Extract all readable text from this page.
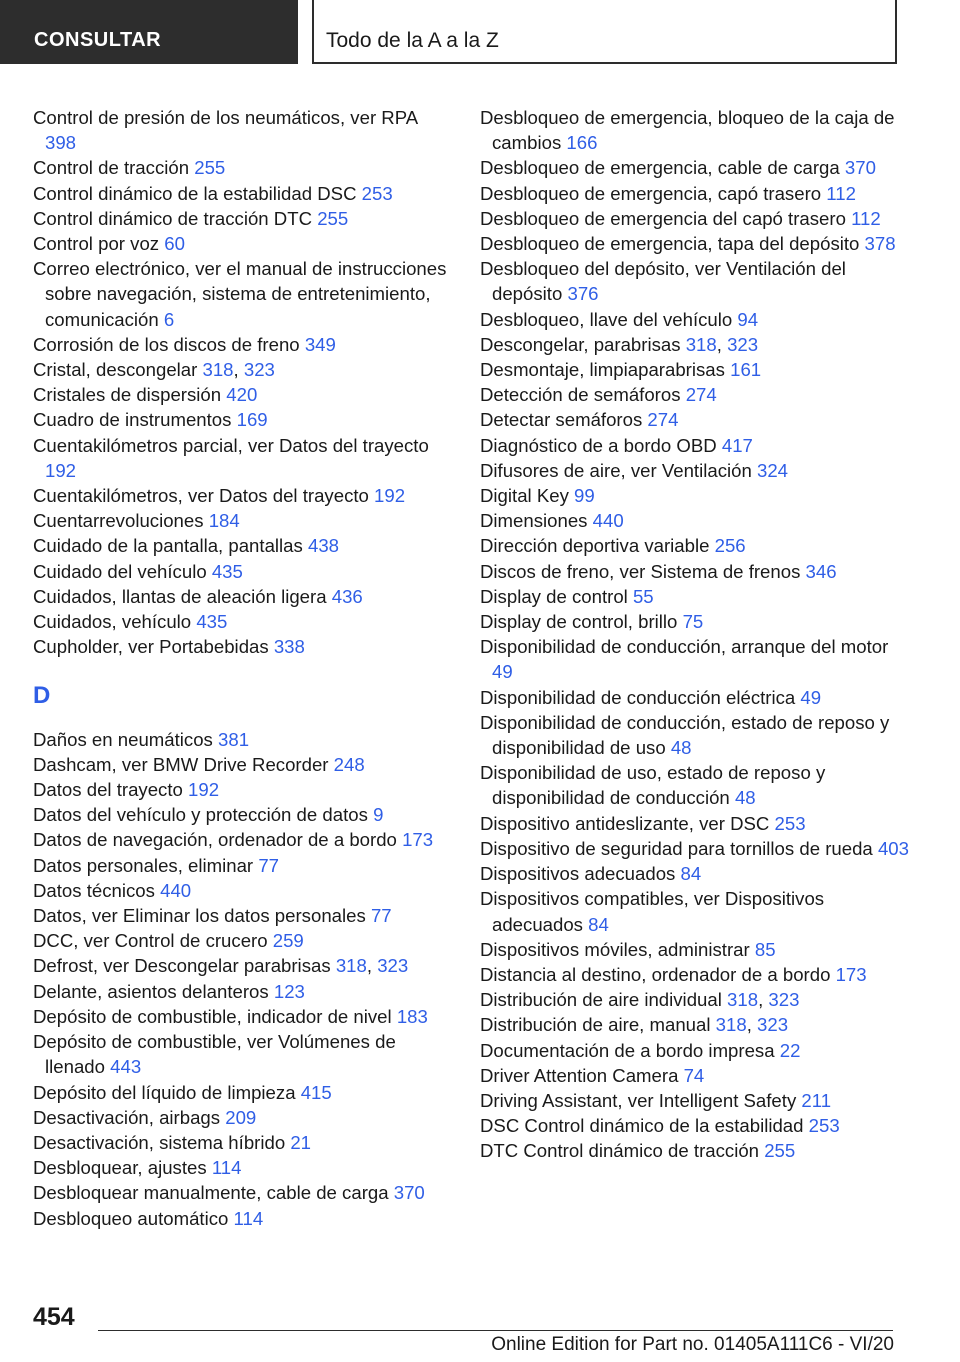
CONSULTAR	Todo de la A a la Z

Control de presión de los neumáticos, ver RPA 398

Control de tracción 255

Control dinámico de la estabilidad DSC 253

Control dinámico de tracción DTC 255

Control por voz 60

Correo electrónico, ver el manual de instrucciones sobre navegación, sistema de entretenimiento, comunicación 6

Corrosión de los discos de freno 349

Cristal, descongelar 318, 323

Cristales de dispersión 420

Cuadro de instrumentos 169

Cuentakilómetros parcial, ver Datos del trayecto 192

Cuentakilómetros, ver Datos del trayecto 192

Cuentarrevoluciones 184

Cuidado de la pantalla, pantallas 438

Cuidado del vehículo 435

Cuidados, llantas de aleación ligera 436

Cuidados, vehículo 435

Cupholder, ver Portabebidas 338

D

Daños en neumáticos 381

Dashcam, ver BMW Drive Recorder 248

Datos del trayecto 192

Datos del vehículo y protección de datos 9

Datos de navegación, ordenador de a bordo 173

Datos personales, eliminar 77

Datos técnicos 440

Datos, ver Eliminar los datos personales 77

DCC, ver Control de crucero 259

Defrost, ver Descongelar parabrisas 318, 323

Delante, asientos delanteros 123

Depósito de combustible, indicador de nivel 183

Depósito de combustible, ver Volúmenes de llenado 443

Depósito del líquido de limpieza 415

Desactivación, airbags 209

Desactivación, sistema híbrido 21

Desbloquear, ajustes 114

Desbloquear manualmente, cable de carga 370

Desbloqueo automático 114

Desbloqueo de emergencia, bloqueo de la caja de cambios 166

Desbloqueo de emergencia, cable de carga 370

Desbloqueo de emergencia, capó trasero 112

Desbloqueo de emergencia del capó trasero 112

Desbloqueo de emergencia, tapa del depósito 378

Desbloqueo del depósito, ver Ventilación del depósito 376

Desbloqueo, llave del vehículo 94

Descongelar, parabrisas 318, 323

Desmontaje, limpiaparabrisas 161

Detección de semáforos 274

Detectar semáforos 274

Diagnóstico de a bordo OBD 417

Difusores de aire, ver Ventilación 324

Digital Key 99

Dimensiones 440

Dirección deportiva variable 256

Discos de freno, ver Sistema de frenos 346

Display de control 55

Display de control, brillo 75

Disponibilidad de conducción, arranque del motor 49

Disponibilidad de conducción eléctrica 49

Disponibilidad de conducción, estado de reposo y disponibilidad de uso 48

Disponibilidad de uso, estado de reposo y disponibilidad de conducción 48

Dispositivo antideslizante, ver DSC 253

Dispositivo de seguridad para tornillos de rueda 403

Dispositivos adecuados 84

Dispositivos compatibles, ver Dispositivos adecuados 84

Dispositivos móviles, administrar 85

Distancia al destino, ordenador de a bordo 173

Distribución de aire individual 318, 323

Distribución de aire, manual 318, 323

Documentación de a bordo impresa 22

Driver Attention Camera 74

Driving Assistant, ver Intelligent Safety 211

DSC Control dinámico de la estabilidad 253

DTC Control dinámico de tracción 255

454
Online Edition for Part no. 01405A111C6 - VI/20
